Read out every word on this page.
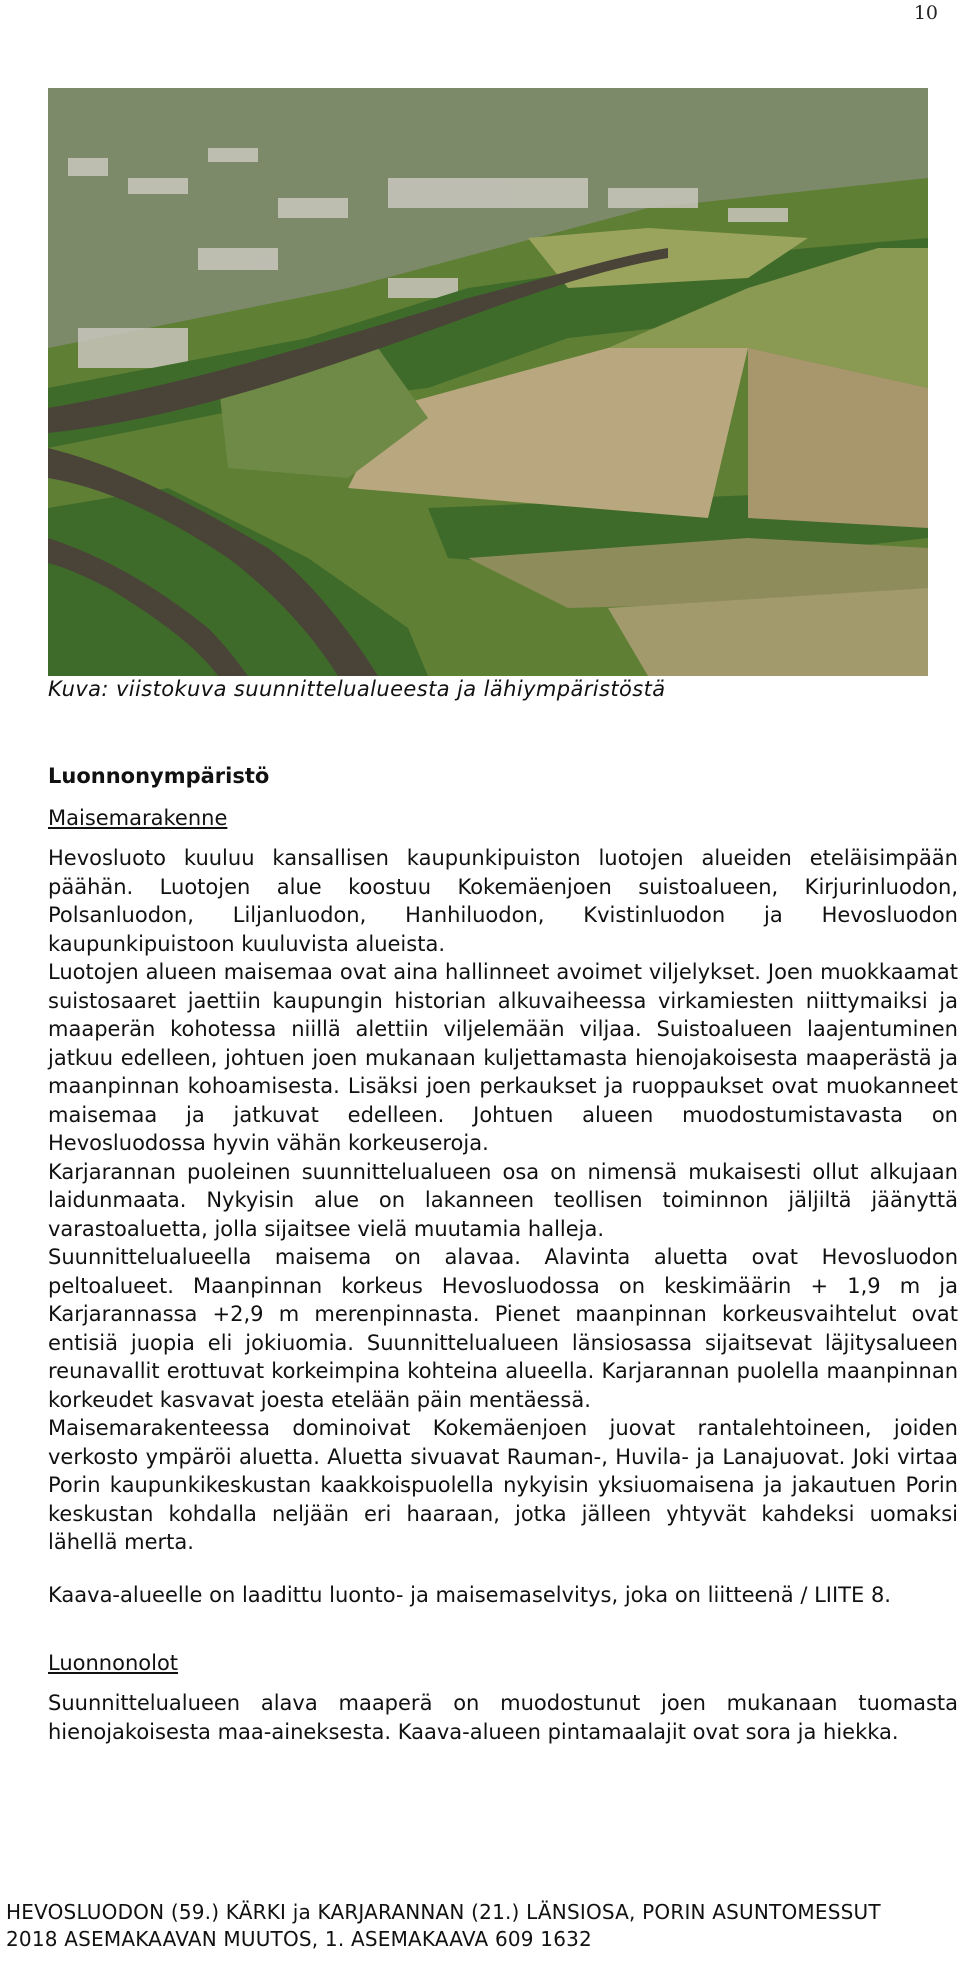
10
Kuva: viistokuva suunnittelualueesta ja lähiympäristöstä

Luonnonympäristö

Maisemarakenne

Hevosluoto kuuluu kansallisen kaupunkipuiston luotojen alueiden eteläisimpään päähän. Luotojen alue koostuu Kokemäenjoen suistoalueen, Kirjurinluodon, Polsanluodon, Liljanluodon, Hanhiluodon, Kvistinluodon ja Hevosluodon kaupunkipuistoon kuuluvista alueista.

Luotojen alueen maisemaa ovat aina hallinneet avoimet viljelykset. Joen muokkaamat suistosaaret jaettiin kaupungin historian alkuvaiheessa virkamiesten niittymaiksi ja maaperän kohotessa niillä alettiin viljelemään viljaa. Suistoalueen laajentuminen jatkuu edelleen, johtuen joen mukanaan kuljettamasta hienojakoisesta maaperästä ja maanpinnan kohoamisesta. Lisäksi joen perkaukset ja ruoppaukset ovat muokanneet maisemaa ja jatkuvat edelleen. Johtuen alueen muodostumistavasta on Hevosluodossa hyvin vähän korkeuseroja.

Karjarannan puoleinen suunnittelualueen osa on nimensä mukaisesti ollut alkujaan laidunmaata. Nykyisin alue on lakanneen teollisen toiminnon jäljiltä jäänyttä varastoaluetta, jolla sijaitsee vielä muutamia halleja.

Suunnittelualueella maisema on alavaa. Alavinta aluetta ovat Hevosluodon peltoalueet. Maanpinnan korkeus Hevosluodossa on keskimäärin + 1,9 m ja Karjarannassa +2,9 m merenpinnasta. Pienet maanpinnan korkeusvaihtelut ovat entisiä juopia eli jokiuomia. Suunnittelualueen länsiosassa sijaitsevat läjitysalueen reunavallit erottuvat korkeimpina kohteina alueella. Karjarannan puolella maanpinnan korkeudet kasvavat joesta etelään päin mentäessä.

Maisemarakenteessa dominoivat Kokemäenjoen juovat rantalehtoineen, joiden verkosto ympäröi aluetta. Aluetta sivuavat Rauman-, Huvila- ja Lanajuovat. Joki virtaa Porin kaupunkikeskustan kaakkoispuolella nykyisin yksiuomaisena ja jakautuen Porin keskustan kohdalla neljään eri haaraan, jotka jälleen yhtyvät kahdeksi uomaksi lähellä merta.

Kaava-alueelle on laadittu luonto- ja maisemaselvitys, joka on liitteenä / LIITE 8.

Luonnonolot

Suunnittelualueen alava maaperä on muodostunut joen mukanaan tuomasta hienojakoisesta maa-aineksesta. Kaava-alueen pintamaalajit ovat sora ja hiekka.

HEVOSLUODON (59.) KÄRKI ja KARJARANNAN (21.) LÄNSIOSA, PORIN ASUNTOMESSUT
2018 ASEMAKAAVAN MUUTOS, 1. ASEMAKAAVA 609 1632
